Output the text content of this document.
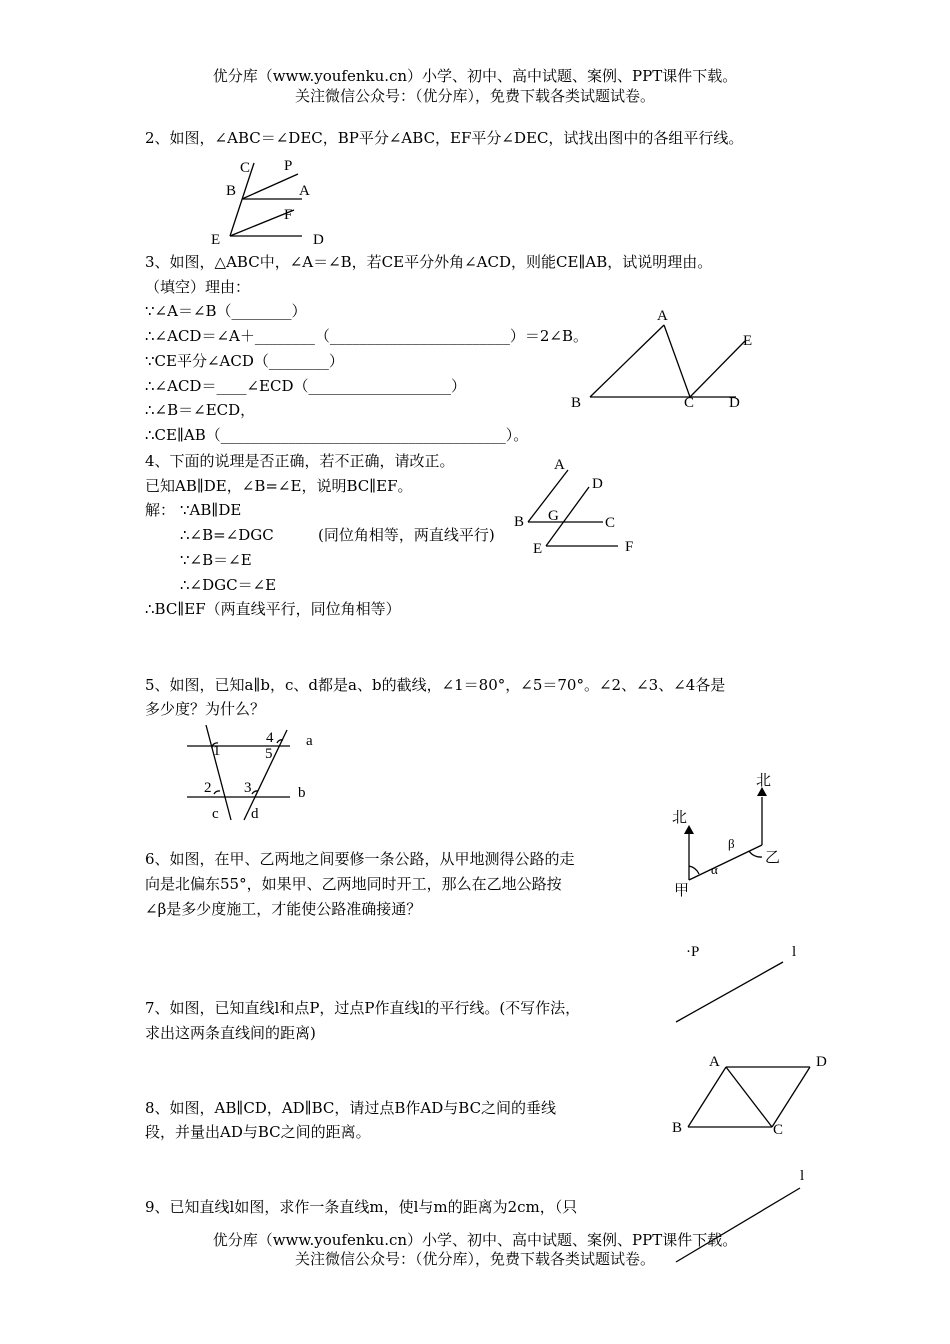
优分库（www.youfenku.cn）小学、初中、高中试题、案例、PPT课件下载。
关注微信公众号：（优分库），免费下载各类试题试卷。
2、如图，∠ABC＝∠DEC，BP平分∠ABC，EF平分∠DEC，试找出图中的各组平行线。
3、如图，△ABC中，∠A＝∠B，若CE平分外角∠ACD，则能CE∥AB，试说明理由。
（填空）理由：
∵∠A＝∠B（________）
∴∠ACD＝∠A＋________（________________________）＝2∠B。
∵CE平分∠ACD（________）
∴∠ACD＝____∠ECD（___________________）
∴∠B＝∠ECD，
∴CE∥AB（______________________________________）。
4、下面的说理是否正确，若不正确，请改正。
已知AB∥DE，∠B=∠E，说明BC∥EF。
解： ∵AB∥DE
∴∠B=∠DGC	(同位角相等，两直线平行)
∵∠B＝∠E
∴∠DGC＝∠E
∴BC∥EF（两直线平行，同位角相等）
5、如图，已知a∥b，c、d都是a、b的截线，∠1＝80°，∠5＝70°。∠2、∠3、∠4各是
多少度？为什么？
6、如图，在甲、乙两地之间要修一条公路，从甲地测得公路的走
向是北偏东55°，如果甲、乙两地同时开工，那么在乙地公路按
∠β是多少度施工，才能使公路准确接通？
7、如图，已知直线l和点P，过点P作直线l的平行线。(不写作法，
求出这两条直线间的距离)
8、如图，AB∥CD，AD∥BC，请过点B作AD与BC之间的垂线
段，并量出AD与BC之间的距离。
9、已知直线l如图，求作一条直线m，使l与m的距离为2cm，（只
优分库（www.youfenku.cn）小学、初中、高中试题、案例、PPT课件下载。
关注微信公众号：（优分库），免费下载各类试题试卷。
C P
B	A
F
E	D
A
E
B	C D
A
D
B G	C
E	F
4
1	5
a
2 3	b
c d
北
北
β
α
乙
甲
·P	l
A	D
B	C
l
